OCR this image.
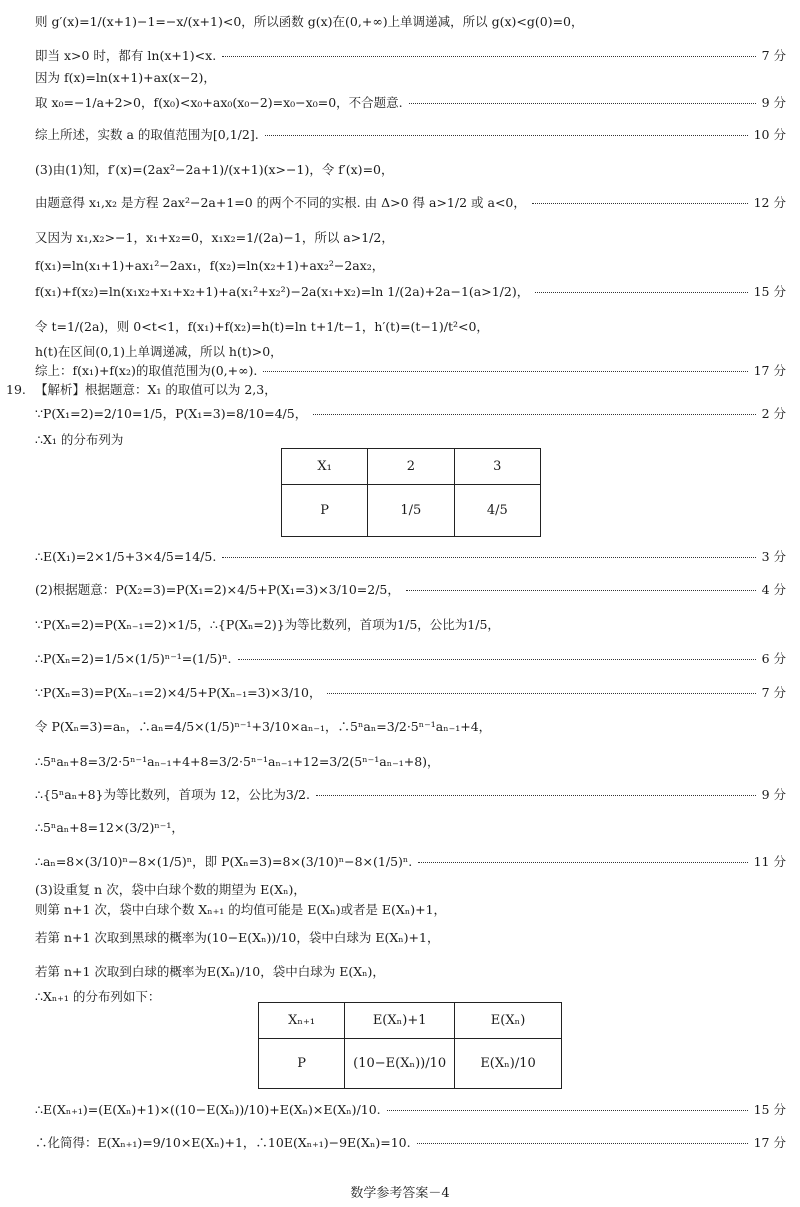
则 g′(x)=1/(x+1)−1=−x/(x+1)<0，所以函数 g(x)在(0,+∞)上单调递减，所以 g(x)<g(0)=0，
即当 x>0 时，都有 ln(x+1)<x.	7 分
因为 f(x)=ln(x+1)+ax(x−2)，
取 x₀=−1/a+2>0，f(x₀)<x₀+ax₀(x₀−2)=x₀−x₀=0，不合题意.	9 分
综上所述，实数 a 的取值范围为[0,1/2].	10 分
(3)由(1)知，f′(x)=(2ax²−2a+1)/(x+1)(x>−1)，令 f′(x)=0，
由题意得 x₁,x₂ 是方程 2ax²−2a+1=0 的两个不同的实根. 由 Δ>0 得 a>1/2 或 a<0，	12 分
又因为 x₁,x₂>−1，x₁+x₂=0，x₁x₂=1/(2a)−1，所以 a>1/2，
f(x₁)=ln(x₁+1)+ax₁²−2ax₁，f(x₂)=ln(x₂+1)+ax₂²−2ax₂，
f(x₁)+f(x₂)=ln(x₁x₂+x₁+x₂+1)+a(x₁²+x₂²)−2a(x₁+x₂)=ln 1/(2a)+2a−1(a>1/2)，	15 分
令 t=1/(2a)，则 0<t<1，f(x₁)+f(x₂)=h(t)=ln t+1/t−1，h′(t)=(t−1)/t²<0，
h(t)在区间(0,1)上单调递减，所以 h(t)>0，
综上：f(x₁)+f(x₂)的取值范围为(0,+∞).	17 分
19. 【解析】根据题意：X₁ 的取值可以为 2,3，
∵P(X₁=2)=2/10=1/5，P(X₁=3)=8/10=4/5，	2 分
∴X₁ 的分布列为
X₁	2	3
P	1/5	4/5
∴E(X₁)=2×1/5+3×4/5=14/5.	3 分
(2)根据题意：P(X₂=3)=P(X₁=2)×4/5+P(X₁=3)×3/10=2/5，	4 分
∵P(Xₙ=2)=P(Xₙ₋₁=2)×1/5，∴{P(Xₙ=2)}为等比数列，首项为1/5，公比为1/5，
∴P(Xₙ=2)=1/5×(1/5)ⁿ⁻¹=(1/5)ⁿ.	6 分
∵P(Xₙ=3)=P(Xₙ₋₁=2)×4/5+P(Xₙ₋₁=3)×3/10，	7 分
令 P(Xₙ=3)=aₙ，∴aₙ=4/5×(1/5)ⁿ⁻¹+3/10×aₙ₋₁，∴5ⁿaₙ=3/2·5ⁿ⁻¹aₙ₋₁+4，
∴5ⁿaₙ+8=3/2·5ⁿ⁻¹aₙ₋₁+4+8=3/2·5ⁿ⁻¹aₙ₋₁+12=3/2(5ⁿ⁻¹aₙ₋₁+8)，
∴{5ⁿaₙ+8}为等比数列，首项为 12，公比为3/2.	9 分
∴5ⁿaₙ+8=12×(3/2)ⁿ⁻¹，
∴aₙ=8×(3/10)ⁿ−8×(1/5)ⁿ，即 P(Xₙ=3)=8×(3/10)ⁿ−8×(1/5)ⁿ.	11 分
(3)设重复 n 次，袋中白球个数的期望为 E(Xₙ)，
则第 n+1 次，袋中白球个数 Xₙ₊₁ 的均值可能是 E(Xₙ)或者是 E(Xₙ)+1，
若第 n+1 次取到黑球的概率为(10−E(Xₙ))/10，袋中白球为 E(Xₙ)+1，
若第 n+1 次取到白球的概率为E(Xₙ)/10，袋中白球为 E(Xₙ)，
∴Xₙ₊₁ 的分布列如下：
Xₙ₊₁	E(Xₙ)+1	E(Xₙ)
P	(10−E(Xₙ))/10	E(Xₙ)/10
∴E(Xₙ₊₁)=(E(Xₙ)+1)×((10−E(Xₙ))/10)+E(Xₙ)×E(Xₙ)/10.	15 分
∴化简得：E(Xₙ₊₁)=9/10×E(Xₙ)+1，∴10E(Xₙ₊₁)−9E(Xₙ)=10.	17 分
数学参考答案－4
